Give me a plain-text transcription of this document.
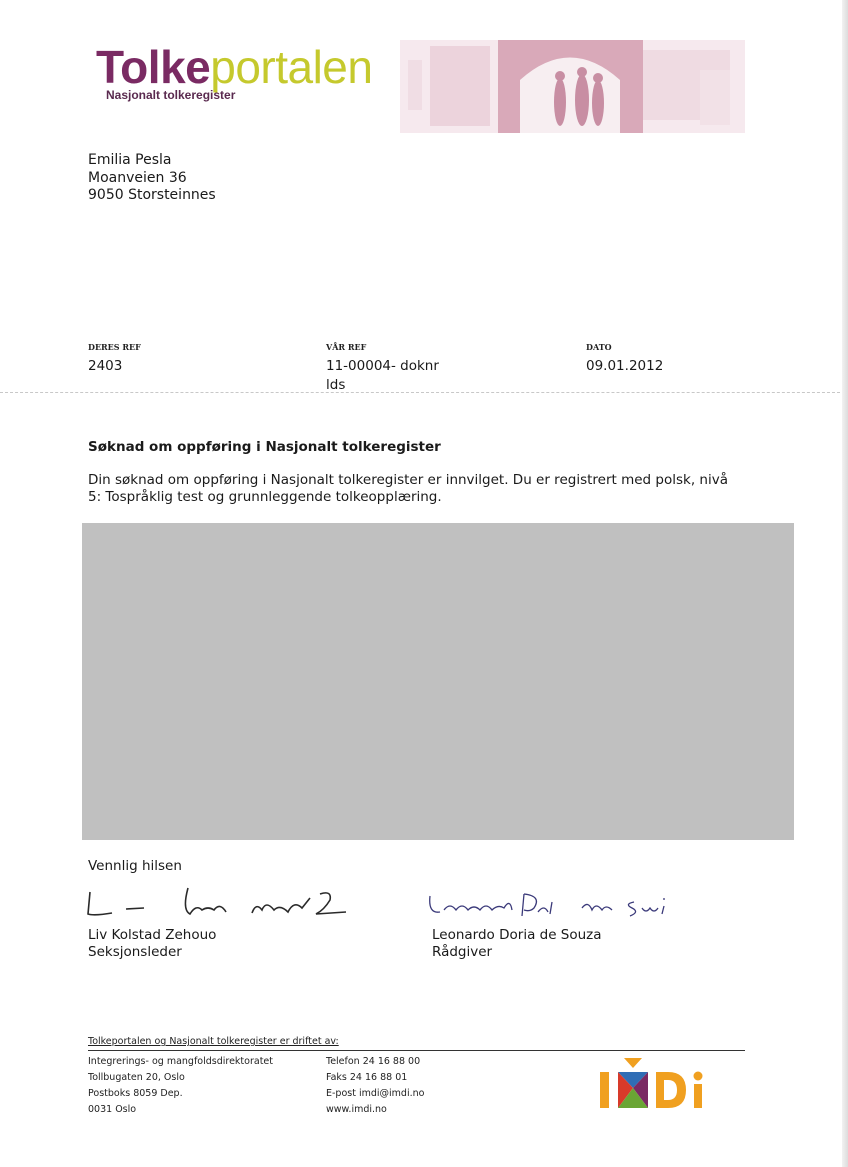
Tolkeportalen
Nasjonalt tolkeregister
Emilia Pesla
Moanveien 36
9050 Storsteinnes
DERES REF
2403
VÅR REF
11-00004- doknr
lds
DATO
09.01.2012
Søknad om oppføring i Nasjonalt tolkeregister
Din søknad om oppføring i Nasjonalt tolkeregister er innvilget. Du er registrert med polsk, nivå 5: Tospråklig test og grunnleggende tolkeopplæring.
Vennlig hilsen
Liv Kolstad Zehouo
Seksjonsleder
Leonardo Doria de Souza
Rådgiver
Tolkeportalen og Nasjonalt tolkeregister er driftet av:
Integrerings- og mangfoldsdirektoratet
Tollbugaten 20, Oslo
Postboks 8059 Dep.
0031 Oslo
Telefon 24 16 88 00
Faks 24 16 88 01
E-post imdi@imdi.no
www.imdi.no
